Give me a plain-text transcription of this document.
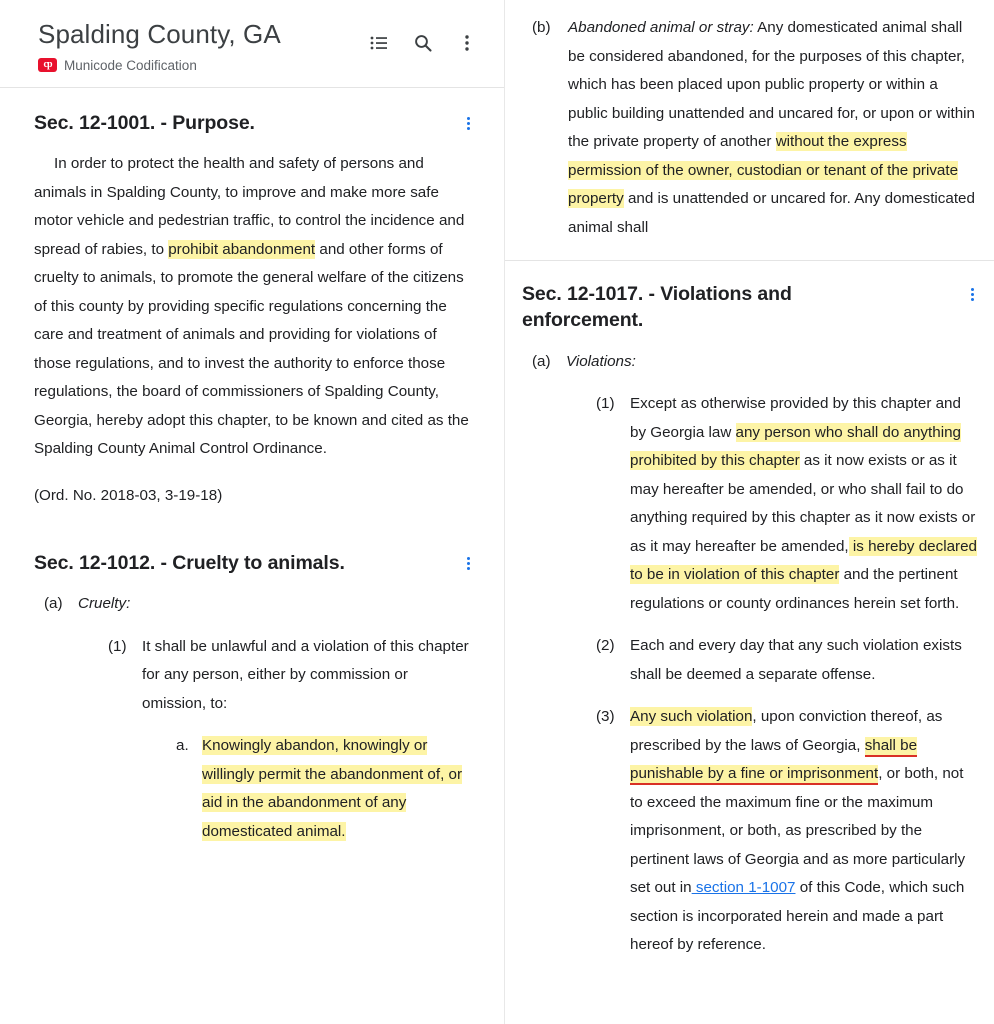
Spalding County, GA
cp Municode Codification
Sec. 12-1001. - Purpose.

In order to protect the health and safety of persons and animals in Spalding County, to improve and make more safe motor vehicle and pedestrian traffic, to control the incidence and spread of rabies, to prohibit abandonment and other forms of cruelty to animals, to promote the general welfare of the citizens of this county by providing specific regulations concerning the care and treatment of animals and providing for violations of those regulations, and to invest the authority to enforce those regulations, the board of commissioners of Spalding County, Georgia, hereby adopt this chapter, to be known and cited as the Spalding County Animal Control Ordinance.

(Ord. No. 2018-03, 3-19-18)

Sec. 12-1012. - Cruelty to animals.
(a)	Cruelty:
(1)	It shall be unlawful and a violation of this chapter for any person, either by commission or omission, to:
a. Knowingly abandon, knowingly or willingly permit the abandonment of, or aid in the abandonment of any domesticated animal.
(b)	Abandoned animal or stray: Any domesticated animal shall be considered abandoned, for the purposes of this chapter, which has been placed upon public property or within a public building unattended and uncared for, or upon or within the private property of another without the express permission of the owner, custodian or tenant of the private property and is unattended or uncared for. Any domesticated animal shall
Sec. 12-1017. - Violations and enforcement.
(a)	Violations:
(1)	Except as otherwise provided by this chapter and by Georgia law any person who shall do anything prohibited by this chapter as it now exists or as it may hereafter be amended, or who shall fail to do anything required by this chapter as it now exists or as it may hereafter be amended, is hereby declared to be in violation of this chapter and the pertinent regulations or county ordinances herein set forth.
(2)	Each and every day that any such violation exists shall be deemed a separate offense.
(3)	Any such violation, upon conviction thereof, as prescribed by the laws of Georgia, shall be punishable by a fine or imprisonment, or both, not to exceed the maximum fine or the maximum imprisonment, or both, as prescribed by the pertinent laws of Georgia and as more particularly set out in section 1-1007 of this Code, which such section is incorporated herein and made a part hereof by reference.
